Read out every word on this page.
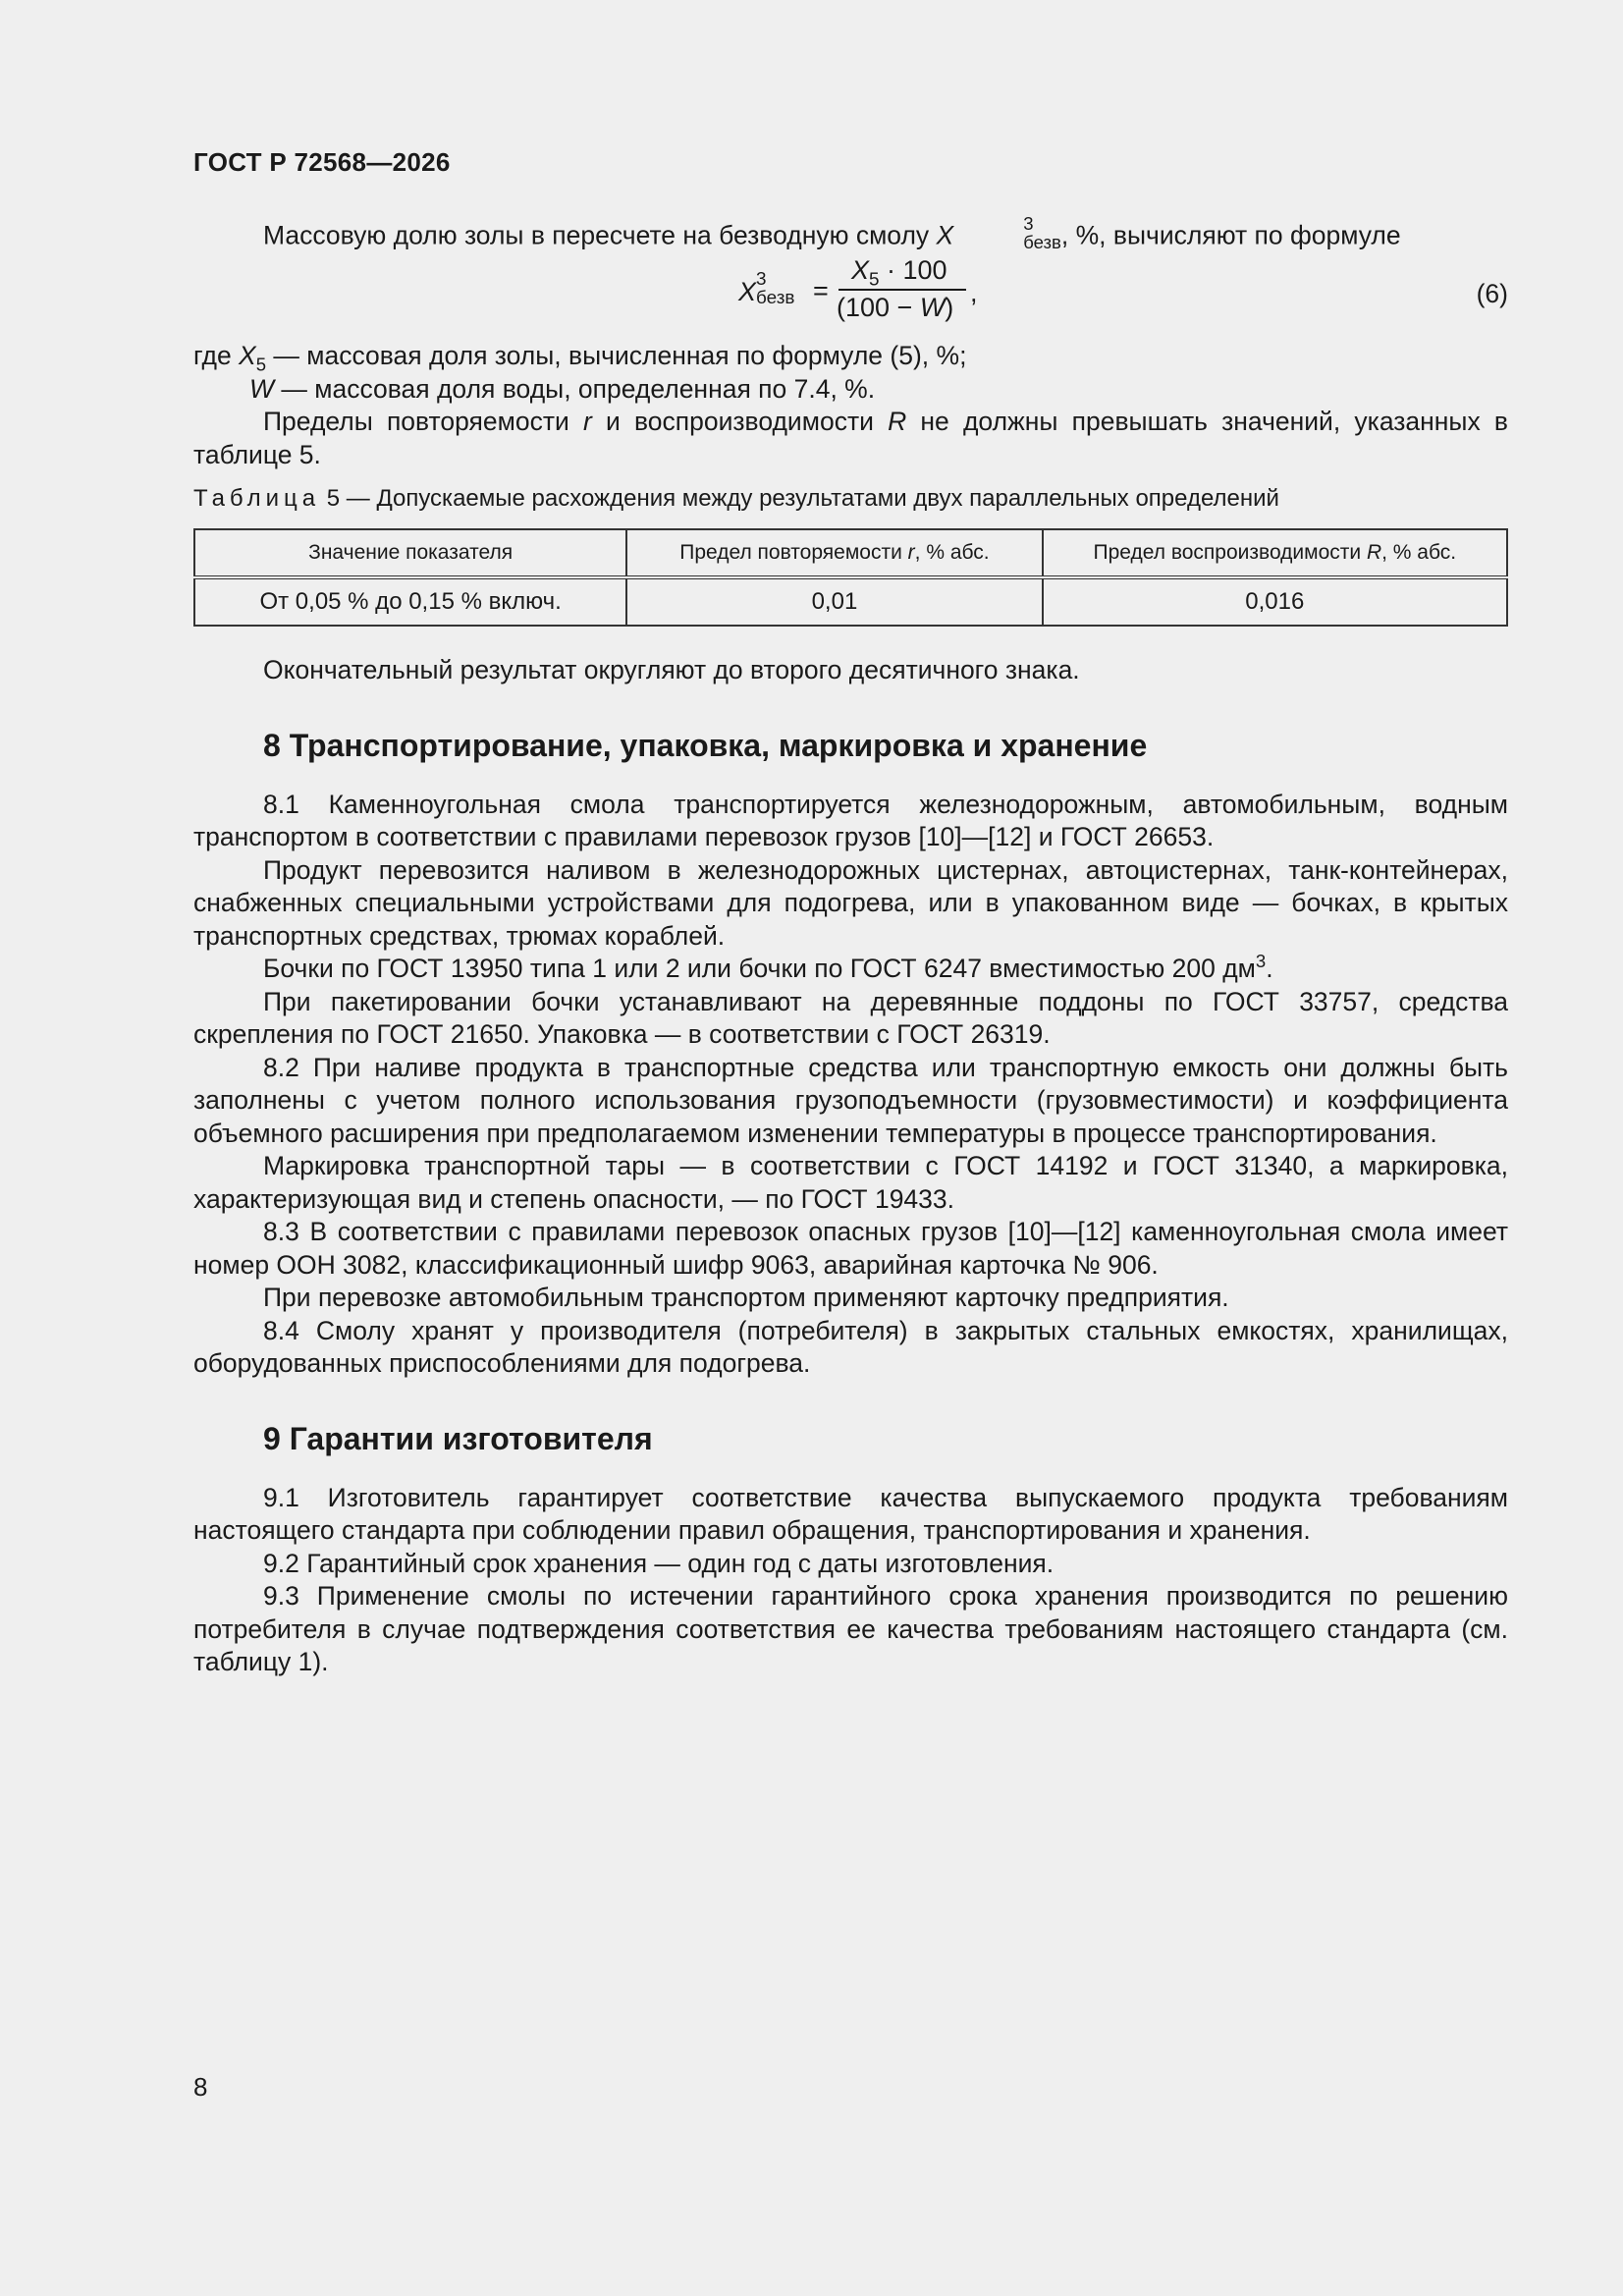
ГОСТ Р 72568—2026

Массовую долю золы в пересчете на безводную смолу X	3
безв , %, вычисляют по формуле

X 3
безв =
$X_5 \cdot 100$
(100 − W) ,	(6)
где $X_5$ — массовая доля золы, вычисленная по формуле (5), %;
W — массовая доля воды, определенная по 7.4, %.

Пределы повторяемости r и воспроизводимости R не должны превышать значений, указанных в таблице 5.

Таблица 5 — Допускаемые расхождения между результатами двух параллельных определений
Значение показателя	Предел повторяемости r, % абс.	Предел воспроизводимости R, % абс.
От 0,05 % до 0,15 % включ.	0,01	0,016

Окончательный результат округляют до второго десятичного знака.

8 Транспортирование, упаковка, маркировка и хранение

8.1 Каменноугольная смола транспортируется железнодорожным, автомобильным, водным транспортом в соответствии с правилами перевозок грузов [10]—[12] и ГОСТ 26653.

Продукт перевозится наливом в железнодорожных цистернах, автоцистернах, танк-контейнерах, снабженных специальными устройствами для подогрева, или в упакованном виде — бочках, в крытых транспортных средствах, трюмах кораблей.

Бочки по ГОСТ 13950 типа 1 или 2 или бочки по ГОСТ 6247 вместимостью 200 $дм^3$.

При пакетировании бочки устанавливают на деревянные поддоны по ГОСТ 33757, средства скрепления по ГОСТ 21650. Упаковка — в соответствии с ГОСТ 26319.

8.2 При наливе продукта в транспортные средства или транспортную емкость они должны быть заполнены с учетом полного использования грузоподъемности (грузовместимости) и коэффициента объемного расширения при предполагаемом изменении температуры в процессе транспортирования.

Маркировка транспортной тары — в соответствии с ГОСТ 14192 и ГОСТ 31340, а маркировка, характеризующая вид и степень опасности, — по ГОСТ 19433.

8.3 В соответствии с правилами перевозок опасных грузов [10]—[12] каменноугольная смола имеет номер ООН 3082, классификационный шифр 9063, аварийная карточка № 906.

При перевозке автомобильным транспортом применяют карточку предприятия.

8.4 Смолу хранят у производителя (потребителя) в закрытых стальных емкостях, хранилищах, оборудованных приспособлениями для подогрева.

9 Гарантии изготовителя

9.1 Изготовитель гарантирует соответствие качества выпускаемого продукта требованиям настоящего стандарта при соблюдении правил обращения, транспортирования и хранения.

9.2 Гарантийный срок хранения — один год с даты изготовления.

9.3 Применение смолы по истечении гарантийного срока хранения производится по решению потребителя в случае подтверждения соответствия ее качества требованиям настоящего стандарта (см. таблицу 1).

8
